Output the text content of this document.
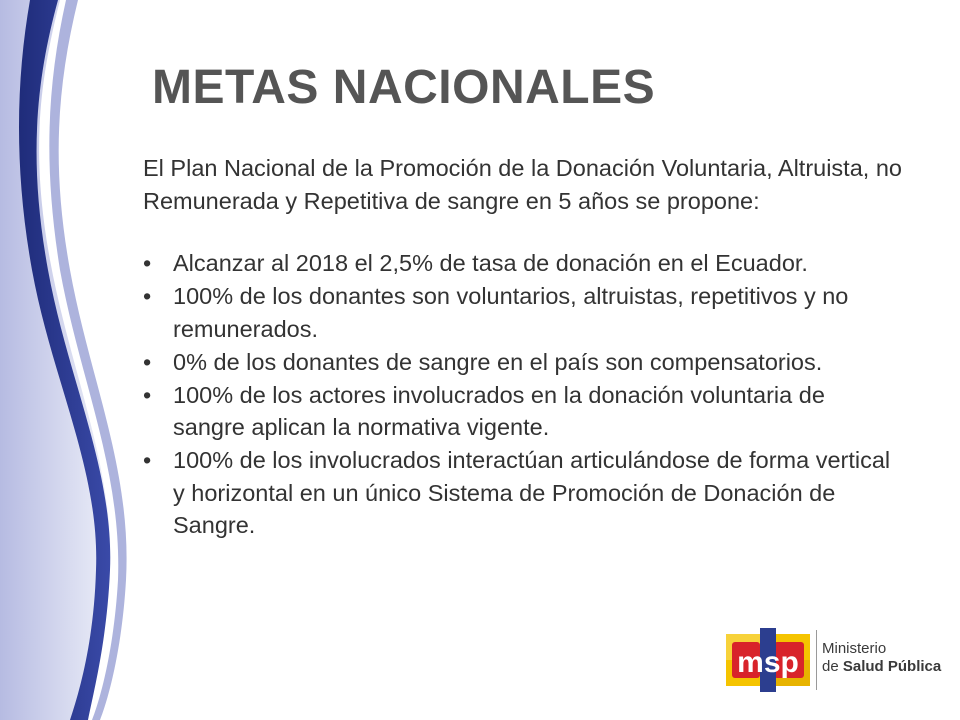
METAS NACIONALES

El Plan Nacional de la Promoción de la Donación Voluntaria, Altruista, no Remunerada y Repetitiva de sangre en 5 años se propone:

• Alcanzar al 2018 el 2,5% de tasa de donación en el Ecuador.
• 100% de los donantes son voluntarios, altruistas, repetitivos y no remunerados.
• 0% de los donantes de sangre en el país son compensatorios.
• 100% de los actores involucrados en la donación voluntaria de sangre aplican la normativa vigente.
• 100% de los involucrados interactúan articulándose de forma vertical y horizontal en un único Sistema de Promoción de Donación de Sangre.
msp Ministerio
de Salud Pública
